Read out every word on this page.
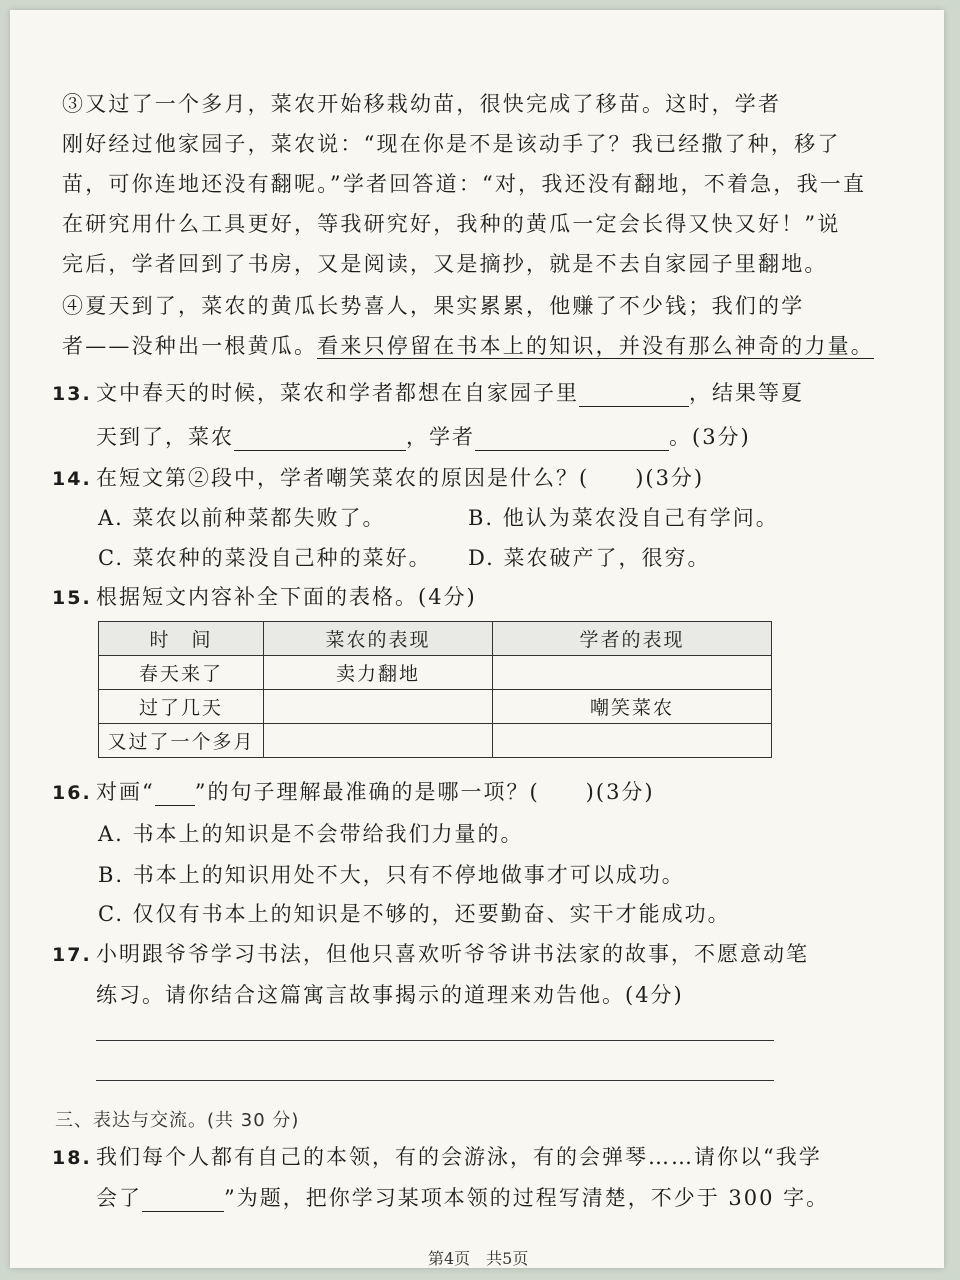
③又过了一个多月，菜农开始移栽幼苗，很快完成了移苗。这时，学者
刚好经过他家园子，菜农说：“现在你是不是该动手了？我已经撒了种，移了
苗，可你连地还没有翻呢。”学者回答道：“对，我还没有翻地，不着急，我一直
在研究用什么工具更好，等我研究好，我种的黄瓜一定会长得又快又好！”说
完后，学者回到了书房，又是阅读，又是摘抄，就是不去自家园子里翻地。
④夏天到了，菜农的黄瓜长势喜人，果实累累，他赚了不少钱；我们的学
者——没种出一根黄瓜。看来只停留在书本上的知识，并没有那么神奇的力量。
13. 文中春天的时候，菜农和学者都想在自家园子里	，结果等夏
天到了，菜农	，学者	。(3分)
14. 在短文第②段中，学者嘲笑菜农的原因是什么？(　　)(3分)
A. 菜农以前种菜都失败了。	B. 他认为菜农没自己有学问。
C. 菜农种的菜没自己种的菜好。 D. 菜农破产了，很穷。
15. 根据短文内容补全下面的表格。(4分)
时　间	菜农的表现	学者的表现
春天来了	卖力翻地	
过了几天		嘲笑菜农
又过了一个多月		
16. 对画“ ”的句子理解最准确的是哪一项？(　　)(3分)
A. 书本上的知识是不会带给我们力量的。
B. 书本上的知识用处不大，只有不停地做事才可以成功。
C. 仅仅有书本上的知识是不够的，还要勤奋、实干才能成功。
17. 小明跟爷爷学习书法，但他只喜欢听爷爷讲书法家的故事，不愿意动笔
练习。请你结合这篇寓言故事揭示的道理来劝告他。(4分)
三、表达与交流。(共 30 分)
18. 我们每个人都有自己的本领，有的会游泳，有的会弹琴……请你以“我学
会了	”为题，把你学习某项本领的过程写清楚，不少于 300 字。
第4页　共5页
